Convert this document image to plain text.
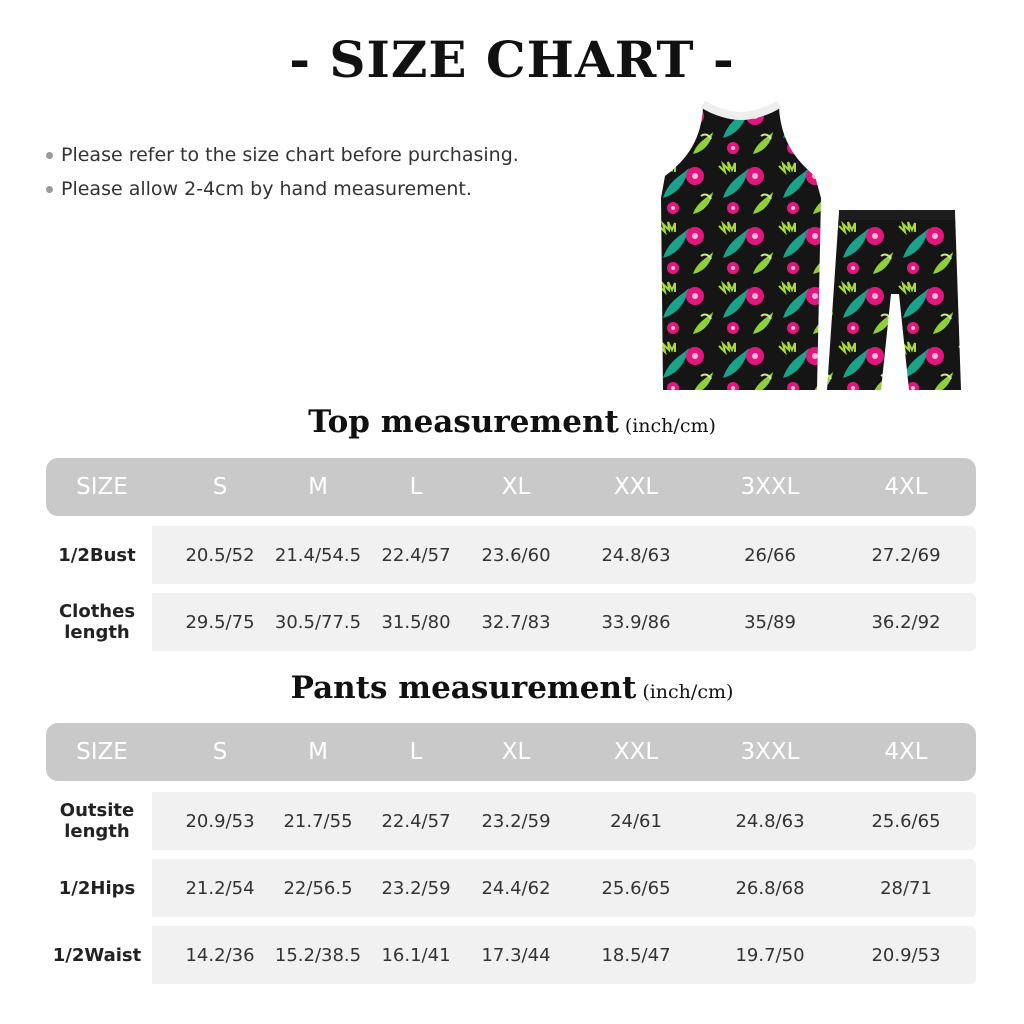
- SIZE CHART -
Please refer to the size chart before purchasing.
Please allow 2-4cm by hand measurement.
Top measurement (inch/cm)
SIZE	S	M	L	XL	XXL	3XXL	4XL
1/2Bust	20.5/52	21.4/54.5	22.4/57	23.6/60	24.8/63	26/66	27.2/69
Clothes
length	29.5/75	30.5/77.5	31.5/80	32.7/83	33.9/86	35/89	36.2/92
Pants measurement (inch/cm)
SIZE	S	M	L	XL	XXL	3XXL	4XL
Outsite
length	20.9/53	21.7/55	22.4/57	23.2/59	24/61	24.8/63	25.6/65
1/2Hips	21.2/54	22/56.5	23.2/59	24.4/62	25.6/65	26.8/68	28/71
1/2Waist	14.2/36	15.2/38.5	16.1/41	17.3/44	18.5/47	19.7/50	20.9/53
